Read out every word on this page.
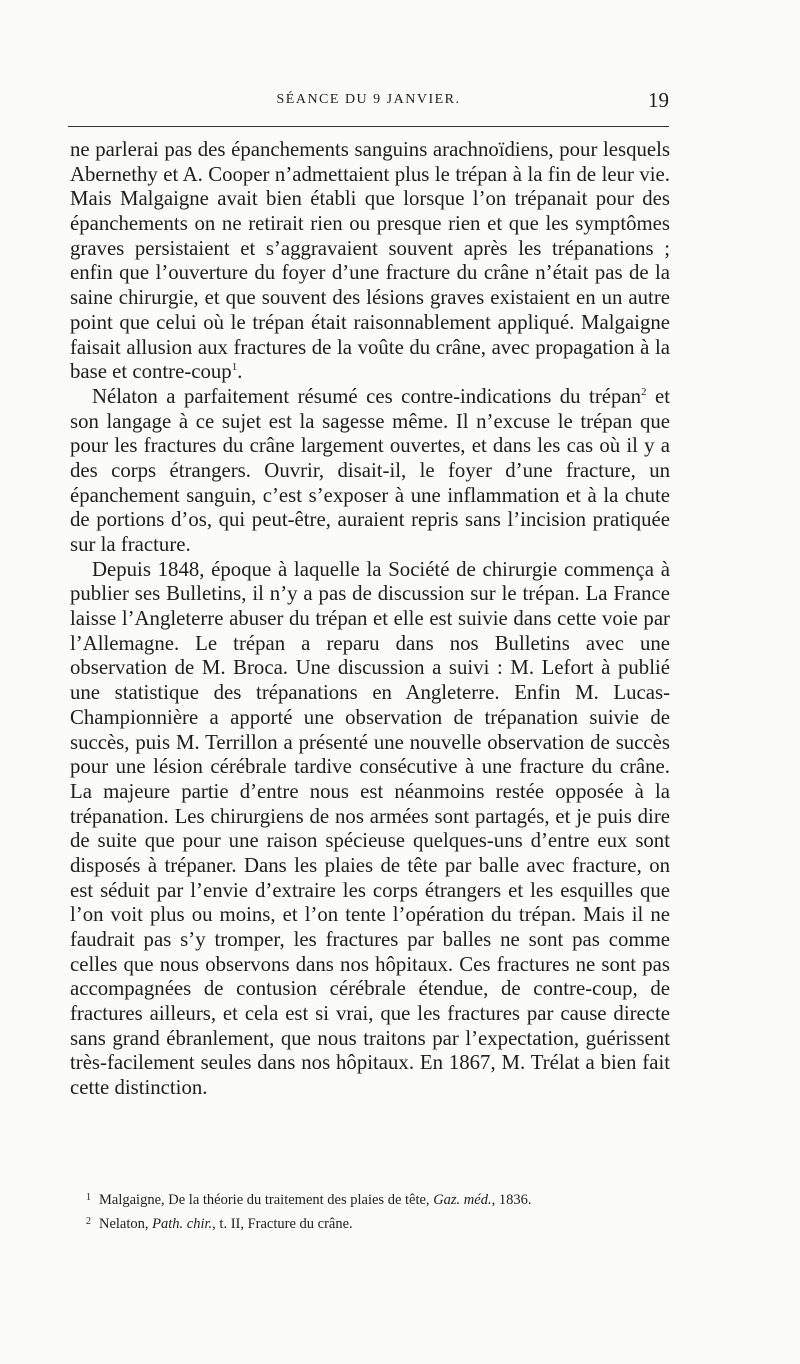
SÉANCE DU 9 JANVIER.	19

ne parlerai pas des épanchements sanguins arachnoïdiens, pour lesquels Abernethy et A. Cooper n’admettaient plus le trépan à la fin de leur vie. Mais Malgaigne avait bien établi que lorsque l’on trépanait pour des épanchements on ne retirait rien ou presque rien et que les symptômes graves persistaient et s’aggravaient souvent après les trépanations ; enfin que l’ouverture du foyer d’une fracture du crâne n’était pas de la saine chirurgie, et que souvent des lésions graves existaient en un autre point que celui où le trépan était raisonnablement appliqué. Malgaigne faisait allusion aux fractures de la voûte du crâne, avec propagation à la base et contre-coup$^1$.

Nélaton a parfaitement résumé ces contre-indications du trépan$^2$ et son langage à ce sujet est la sagesse même. Il n’excuse le trépan que pour les fractures du crâne largement ouvertes, et dans les cas où il y a des corps étrangers. Ouvrir, disait-il, le foyer d’une fracture, un épanchement sanguin, c’est s’exposer à une inflammation et à la chute de portions d’os, qui peut-être, auraient repris sans l’incision pratiquée sur la fracture.

Depuis 1848, époque à laquelle la Société de chirurgie commença à publier ses Bulletins, il n’y a pas de discussion sur le trépan. La France laisse l’Angleterre abuser du trépan et elle est suivie dans cette voie par l’Allemagne. Le trépan a reparu dans nos Bulletins avec une observation de M. Broca. Une discussion a suivi : M. Lefort à publié une statistique des trépanations en Angleterre. Enfin M. Lucas-Championnière a apporté une observation de trépanation suivie de succès, puis M. Terrillon a présenté une nouvelle observation de succès pour une lésion cérébrale tardive consécutive à une fracture du crâne. La majeure partie d’entre nous est néanmoins restée opposée à la trépanation. Les chirurgiens de nos armées sont partagés, et je puis dire de suite que pour une raison spécieuse quelques-uns d’entre eux sont disposés à trépaner. Dans les plaies de tête par balle avec fracture, on est séduit par l’envie d’extraire les corps étrangers et les esquilles que l’on voit plus ou moins, et l’on tente l’opération du trépan. Mais il ne faudrait pas s’y tromper, les fractures par balles ne sont pas comme celles que nous observons dans nos hôpitaux. Ces fractures ne sont pas accompagnées de contusion cérébrale étendue, de contre-coup, de fractures ailleurs, et cela est si vrai, que les fractures par cause directe sans grand ébranlement, que nous traitons par l’expectation, guérissent très-facilement seules dans nos hôpitaux. En 1867, M. Trélat a bien fait cette distinction.

$^1$ Malgaigne, De la théorie du traitement des plaies de tête, Gaz. méd., 1836.

$^2$ Nelaton, Path. chir., t. II, Fracture du crâne.
